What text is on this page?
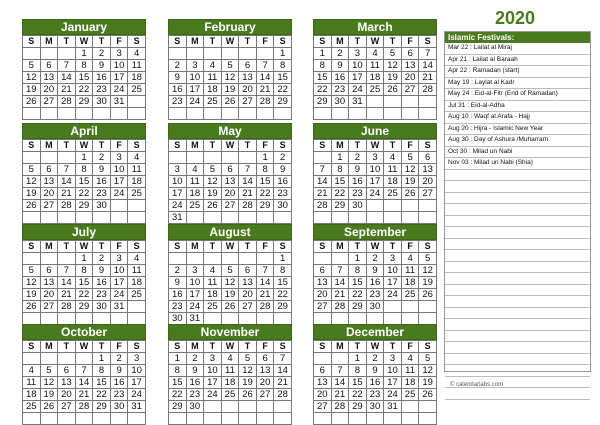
2020
January
S	M	T	W	T	F	S
			1	2	3	4
5	6	7	8	9	10	11
12	13	14	15	16	17	18
19	20	21	22	23	24	25
26	27	28	29	30	31	

February
S	M	T	W	T	F	S
						1
2	3	4	5	6	7	8
9	10	11	12	13	14	15
16	17	18	19	20	21	22
23	24	25	26	27	28	29

March
S	M	T	W	T	F	S
1	2	3	4	5	6	7
8	9	10	11	12	13	14
15	16	17	18	19	20	21
22	23	24	25	26	27	28
29	30	31				

April
S	M	T	W	T	F	S
			1	2	3	4
5	6	7	8	9	10	11
12	13	14	15	16	17	18
19	20	21	22	23	24	25
26	27	28	29	30		

May
S	M	T	W	T	F	S
					1	2
3	4	5	6	7	8	9
10	11	12	13	14	15	16
17	18	19	20	21	22	23
24	25	26	27	28	29	30
31						
June
S	M	T	W	T	F	S
	1	2	3	4	5	6
7	8	9	10	11	12	13
14	15	16	17	18	19	20
21	22	23	24	25	26	27
28	29	30				

July
S	M	T	W	T	F	S
			1	2	3	4
5	6	7	8	9	10	11
12	13	14	15	16	17	18
19	20	21	22	23	24	25
26	27	28	29	30	31	

August
S	M	T	W	T	F	S
						1
2	3	4	5	6	7	8
9	10	11	12	13	14	15
16	17	18	19	20	21	22
23	24	25	26	27	28	29
30	31					
September
S	M	T	W	T	F	S
		1	2	3	4	5
6	7	8	9	10	11	12
13	14	15	16	17	18	19
20	21	22	23	24	25	26
27	28	29	30			

October
S	M	T	W	T	F	S
				1	2	3
4	5	6	7	8	9	10
11	12	13	14	15	16	17
18	19	20	21	22	23	24
25	26	27	28	29	30	31

November
S	M	T	W	T	F	S
1	2	3	4	5	6	7
8	9	10	11	12	13	14
15	16	17	18	19	20	21
22	23	24	25	26	27	28
29	30					

December
S	M	T	W	T	F	S
		1	2	3	4	5
6	7	8	9	10	11	12
13	14	15	16	17	18	19
20	21	22	23	24	25	26
27	28	29	30	31		

Islamic Festivals:
Mar 22 : Lailat al Miraj
Apr 21 : Lailat al Baraah
Apr 22 : Ramadan (start)
May 19 : Laylat al Kadr
May 24 : Eid-al-Fitr (End of Ramadan)
Jul 31 : Eid-al-Adha
Aug 10 : Waqf al Arafa - Hajj
Aug 20 : Hijra - Islamic New Year
Aug 30 : Day of Ashura /Muharram
Oct 30 : Milad un Nabi
Nov 03 : Milad un Nabi (Shia)
© calendarlabs.com
